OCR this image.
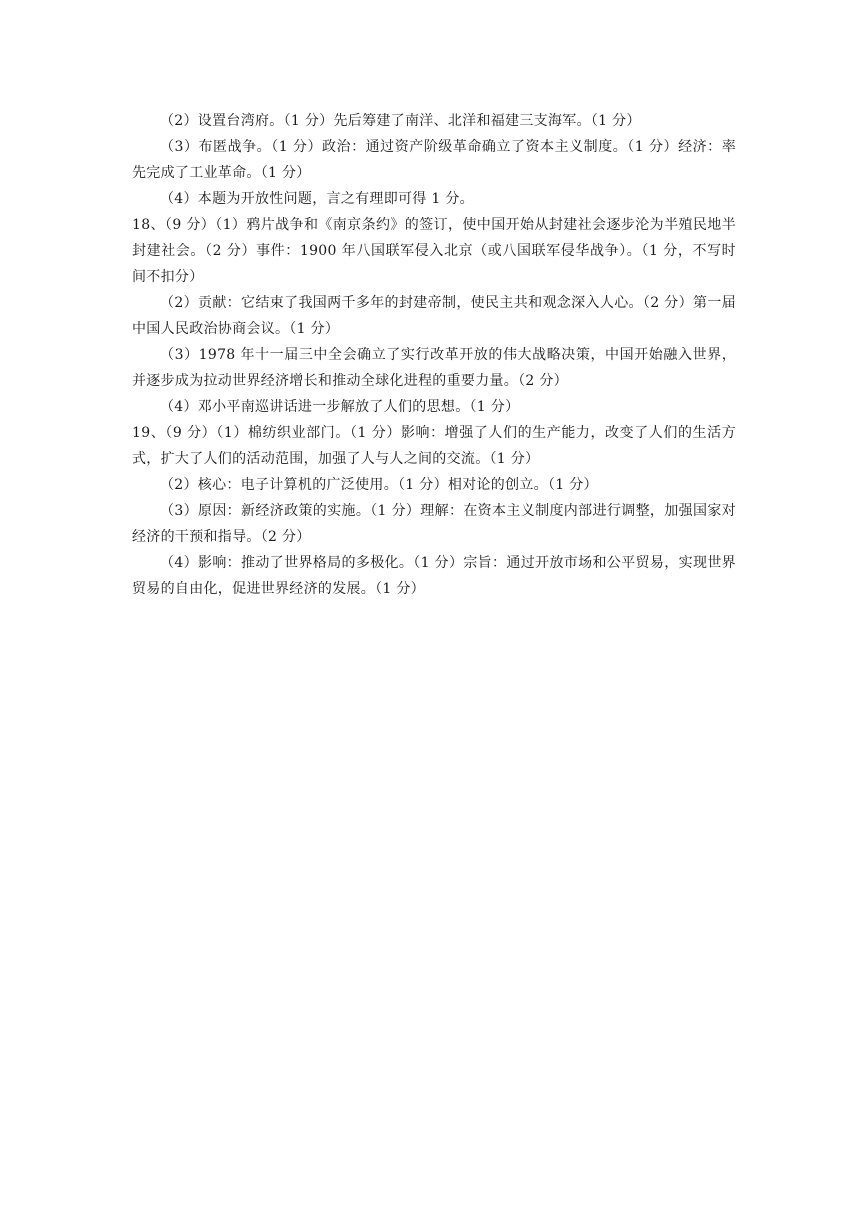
（2）设置台湾府。（1 分）先后筹建了南洋、北洋和福建三支海军。（1 分）

（3）布匿战争。（1 分）政治：通过资产阶级革命确立了资本主义制度。（1 分）经济：率先完成了工业革命。（1 分）

（4）本题为开放性问题，言之有理即可得 1 分。

18、（9 分）（1）鸦片战争和《南京条约》的签订，使中国开始从封建社会逐步沦为半殖民地半封建社会。（2 分）事件：1900 年八国联军侵入北京（或八国联军侵华战争）。（1 分，不写时间不扣分）

（2）贡献：它结束了我国两千多年的封建帝制，使民主共和观念深入人心。（2 分）第一届中国人民政治协商会议。（1 分）

（3）1978 年十一届三中全会确立了实行改革开放的伟大战略决策，中国开始融入世界，并逐步成为拉动世界经济增长和推动全球化进程的重要力量。（2 分）

（4）邓小平南巡讲话进一步解放了人们的思想。（1 分）

19、（9 分）（1）棉纺织业部门。（1 分）影响：增强了人们的生产能力，改变了人们的生活方式，扩大了人们的活动范围，加强了人与人之间的交流。（1 分）

（2）核心：电子计算机的广泛使用。（1 分）相对论的创立。（1 分）

（3）原因：新经济政策的实施。（1 分）理解：在资本主义制度内部进行调整，加强国家对经济的干预和指导。（2 分）

（4）影响：推动了世界格局的多极化。（1 分）宗旨：通过开放市场和公平贸易，实现世界贸易的自由化，促进世界经济的发展。（1 分）
